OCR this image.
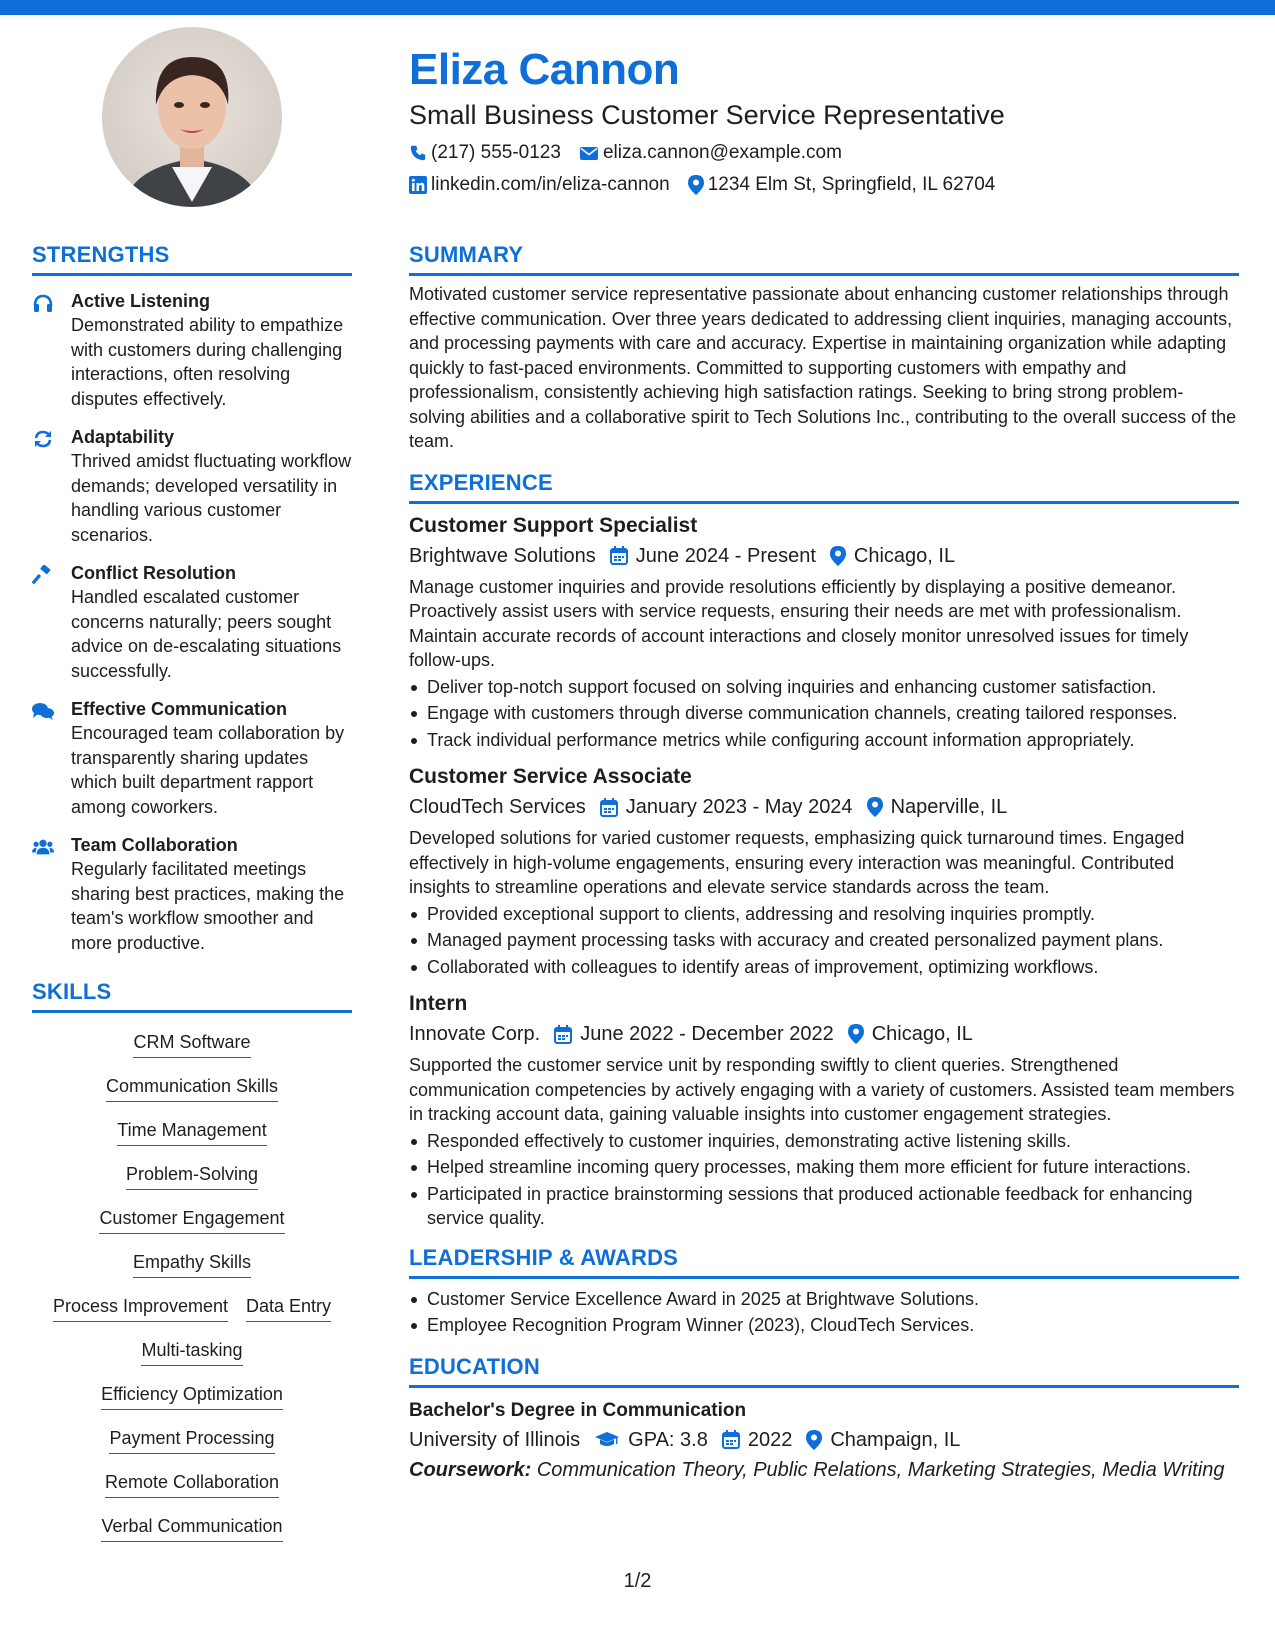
Eliza Cannon
Small Business Customer Service Representative
(217) 555-0123 eliza.cannon@example.com
linkedin.com/in/eliza-cannon 1234 Elm St, Springfield, IL 62704
STRENGTHS
Active Listening
Demonstrated ability to empathize with customers during challenging interactions, often resolving disputes effectively.
Adaptability
Thrived amidst fluctuating workflow demands; developed versatility in handling various customer scenarios.
Conflict Resolution
Handled escalated customer concerns naturally; peers sought advice on de-escalating situations successfully.
Effective Communication
Encouraged team collaboration by transparently sharing updates which built department rapport among coworkers.
Team Collaboration
Regularly facilitated meetings sharing best practices, making the team's workflow smoother and more productive.
SKILLS
CRM Software
Communication Skills
Time Management
Problem-Solving
Customer Engagement
Empathy Skills
Process Improvement Data Entry
Multi-tasking
Efficiency Optimization
Payment Processing
Remote Collaboration
Verbal Communication
SUMMARY
Motivated customer service representative passionate about enhancing customer relationships through effective communication. Over three years dedicated to addressing client inquiries, managing accounts, and processing payments with care and accuracy. Expertise in maintaining organization while adapting quickly to fast-paced environments. Committed to supporting customers with empathy and professionalism, consistently achieving high satisfaction ratings. Seeking to bring strong problem-solving abilities and a collaborative spirit to Tech Solutions Inc., contributing to the overall success of the team.
EXPERIENCE
Customer Support Specialist
Brightwave Solutions June 2024 - Present Chicago, IL
Manage customer inquiries and provide resolutions efficiently by displaying a positive demeanor. Proactively assist users with service requests, ensuring their needs are met with professionalism. Maintain accurate records of account interactions and closely monitor unresolved issues for timely follow-ups.
Deliver top-notch support focused on solving inquiries and enhancing customer satisfaction.
Engage with customers through diverse communication channels, creating tailored responses.
Track individual performance metrics while configuring account information appropriately.
Customer Service Associate
CloudTech Services January 2023 - May 2024 Naperville, IL
Developed solutions for varied customer requests, emphasizing quick turnaround times. Engaged effectively in high-volume engagements, ensuring every interaction was meaningful. Contributed insights to streamline operations and elevate service standards across the team.
Provided exceptional support to clients, addressing and resolving inquiries promptly.
Managed payment processing tasks with accuracy and created personalized payment plans.
Collaborated with colleagues to identify areas of improvement, optimizing workflows.
Intern
Innovate Corp. June 2022 - December 2022 Chicago, IL
Supported the customer service unit by responding swiftly to client queries. Strengthened communication competencies by actively engaging with a variety of customers. Assisted team members in tracking account data, gaining valuable insights into customer engagement strategies.
Responded effectively to customer inquiries, demonstrating active listening skills.
Helped streamline incoming query processes, making them more efficient for future interactions.
Participated in practice brainstorming sessions that produced actionable feedback for enhancing service quality.
LEADERSHIP & AWARDS
Customer Service Excellence Award in 2025 at Brightwave Solutions.
Employee Recognition Program Winner (2023), CloudTech Services.
EDUCATION
Bachelor's Degree in Communication
University of Illinois GPA: 3.8 2022 Champaign, IL
Coursework: Communication Theory, Public Relations, Marketing Strategies, Media Writing
1/2
